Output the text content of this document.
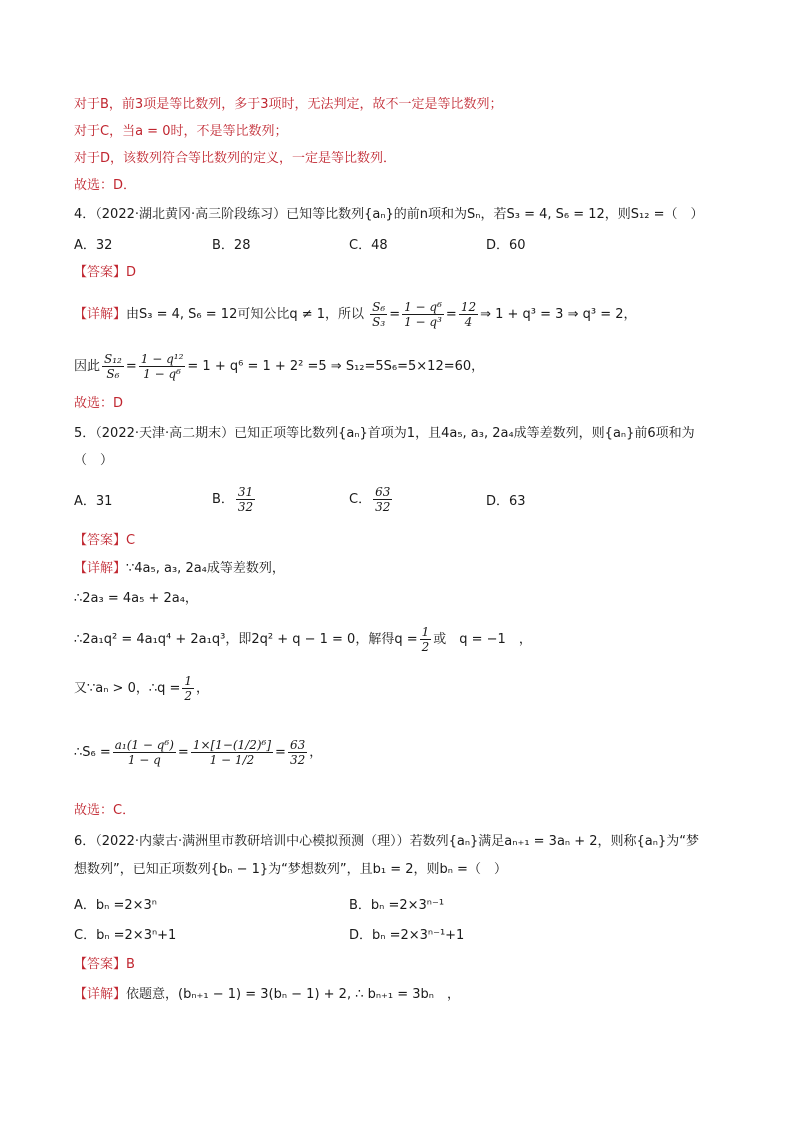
对于B，前3项是等比数列，多于3项时，无法判定，故不一定是等比数列；
对于C，当a = 0时，不是等比数列；
对于D，该数列符合等比数列的定义，一定是等比数列．
故选：D．
4．（2022·湖北黄冈·高三阶段练习）已知等比数列{aₙ}的前n项和为Sₙ，若S₃ = 4, S₆ = 12，则S₁₂ =（　）
A．32	B．28	C．48	D．60
【答案】D
【详解】由S₃ = 4, S₆ = 12可知公比q ≠ 1，所以 $\frac{\text{S₆}}{\text{S₃}} = \frac{\text{1 − q⁶}}{\text{1 − q³}} = \frac{12}{4}$ ⇒ 1 + q³ = 3 ⇒ q³ = 2，
因此 $\frac{\text{S₁₂}}{\text{S₆}} = \frac{\text{1 − q¹²}}{\text{1 − q⁶}} = 1 + q^6 = 1 + 2^2 =5$ ⇒ S₁₂=5S₆=5×12=60，
故选：D
5．（2022·天津·高二期末）已知正项等比数列{aₙ}首项为1，且4a₅, a₃, 2a₄成等差数列，则{aₙ}前6项和为
（　）
A．31	B． $\frac{31}{32}$	C． $\frac{63}{32}$	D．63
【答案】C
【详解】∵4a₅, a₃, 2a₄成等差数列，
∴2a₃ = 4a₅ + 2a₄，
∴2a₁q² = 4a₁q⁴ + 2a₁q³，即2q² + q − 1 = 0，解得$q = \frac{1}{2}$ 或　q = −1　，
又∵aₙ > 0，∴q = $\frac{1}{2}$ ，
∴S₆ = $\frac{\text{a₁(1 − q⁶)}}{1 - q} = \frac{\text{1×[1−(1/2)⁶]}}{1 - 1/2} = \frac{63}{32}$ ，
故选：C．
6．（2022·内蒙古·满洲里市教研培训中心模拟预测（理））若数列{aₙ}满足aₙ₊₁ = 3aₙ + 2，则称{aₙ}为“梦
想数列”，已知正项数列{bₙ − 1}为“梦想数列”，且b₁ = 2，则bₙ =（　）
A．bₙ =2×3ⁿ	B．bₙ =2×3ⁿ⁻¹
C．bₙ =2×3ⁿ+1	D．bₙ =2×3ⁿ⁻¹+1
【答案】B
【详解】依题意，(bₙ₊₁ − 1) = 3(bₙ − 1) + 2, ∴ bₙ₊₁ = 3bₙ　，
